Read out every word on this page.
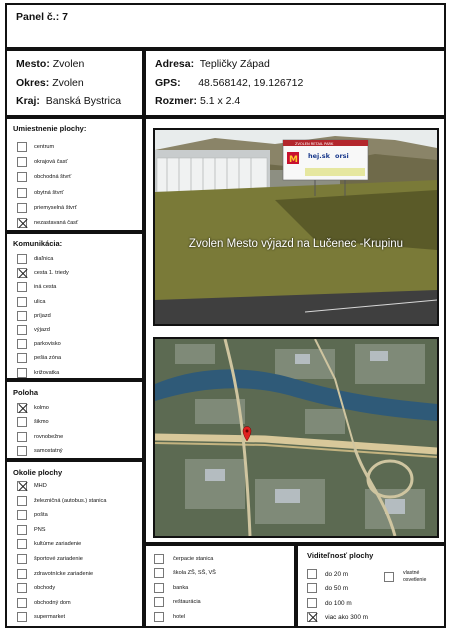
Panel č.: 7
Mesto: Zvolen
Okres: Zvolen
Kraj: Banská Bystrica
Adresa: Tepličky Západ
GPS: 48.568142, 19.126712
Rozmer: 5.1 x 2.4
Umiestnenie plochy:
centrum
okrajová časť
obchodná štvrť
obytná štvrť
priemyselná štvrť
nezastavaná časť
Komunikácia:
diaľnica
cesta 1. triedy
iná cesta
ulica
príjazd
výjazd
parkovisko
pešia zóna
križovatka
Poloha
kolmo
šikmo
rovnobežne
samostatný
Okolie plochy
MHD
železničná (autobus.) stanica
pošta
PNS
kultúrne zariadenie
športové zariadenie
zdravotnícke zariadenie
obchody
obchodný dom
supermarket
M hej.sk orsi
ZVOLEN RETAIL PARK
Zvolen Mesto výjazd na Lučenec -Krupinu
čerpacie stanica
škola ZŠ, SŠ, VŠ
banka
reštaurácia
hotel
Viditeľnosť plochy
do 20 m
do 50 m
do 100 m
viac ako 300 m
vlastné
osvetlenie
